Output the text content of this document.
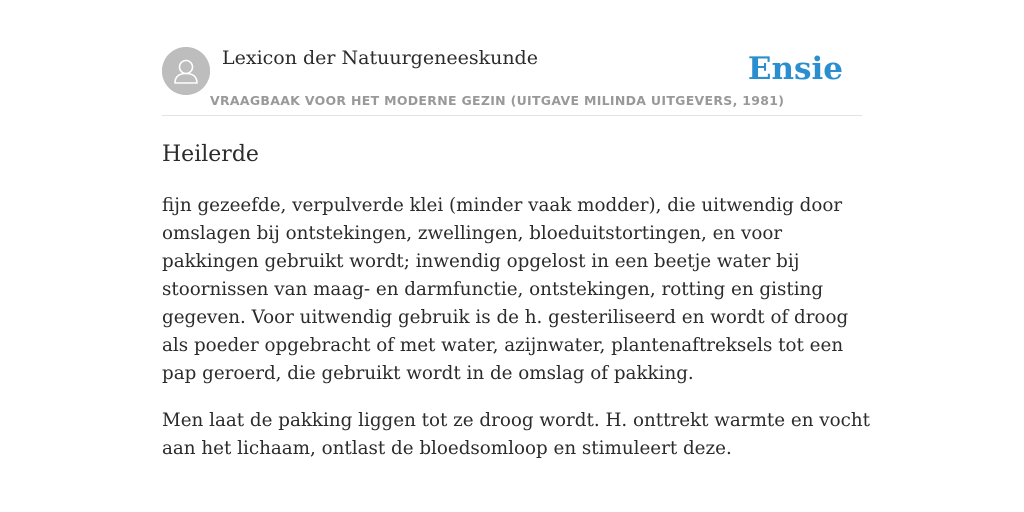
Lexicon der Natuurgeneeskunde
VRAAGBAAK VOOR HET MODERNE GEZIN (UITGAVE MILINDA UITGEVERS, 1981)
Ensie
Heilerde

fijn gezeefde, verpulverde klei (minder vaak modder), die uitwendig door omslagen bij ontstekingen, zwellingen, bloeduitstortingen, en voor pakkingen gebruikt wordt; inwendig opgelost in een beetje water bij stoornissen van maag- en darmfunctie, ontstekingen, rotting en gisting gegeven. Voor uitwendig gebruik is de h. gesteriliseerd en wordt of droog als poeder opgebracht of met water, azijnwater, plantenaftreksels tot een pap geroerd, die gebruikt wordt in de omslag of pakking.

Men laat de pakking liggen tot ze droog wordt. H. onttrekt warmte en vocht aan het lichaam, ontlast de bloedsomloop en stimuleert deze.
